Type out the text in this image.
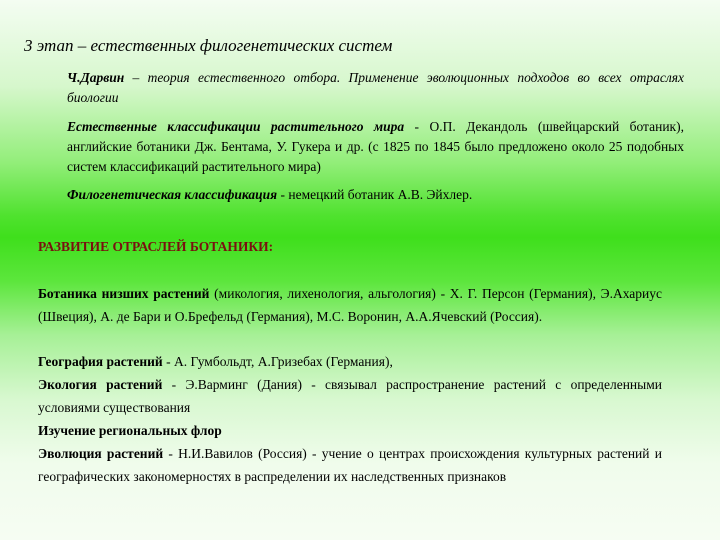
3 этап – естественных филогенетических систем

Ч.Дарвин – теория естественного отбора. Применение эволюционных подходов во всех отраслях биологии

Естественные классификации растительного мира - О.П. Декандоль (швейцарский ботаник), английские ботаники Дж. Бентама, У. Гукера и др. (с 1825 по 1845 было предложено около 25 подобных систем классификаций растительного мира)

Филогенетическая классификация - немецкий ботаник А.В. Эйхлер.

РАЗВИТИЕ ОТРАСЛЕЙ БОТАНИКИ:

Ботаника низших растений (микология, лихенология, альгология) - Х. Г. Персон (Германия), Э.Ахариус (Швеция), А. де Бари и О.Брефельд (Германия), М.С. Воронин, А.А.Ячевский (Россия).

География растений - А. Гумбольдт, А.Гризебах (Германия),

Экология растений - Э.Варминг (Дания) - связывал распространение растений с определенными условиями существования

Изучение региональных флор

Эволюция растений - Н.И.Вавилов (Россия) - учение о центрах происхождения культурных растений и географических закономерностях в распределении их наследственных признаков
